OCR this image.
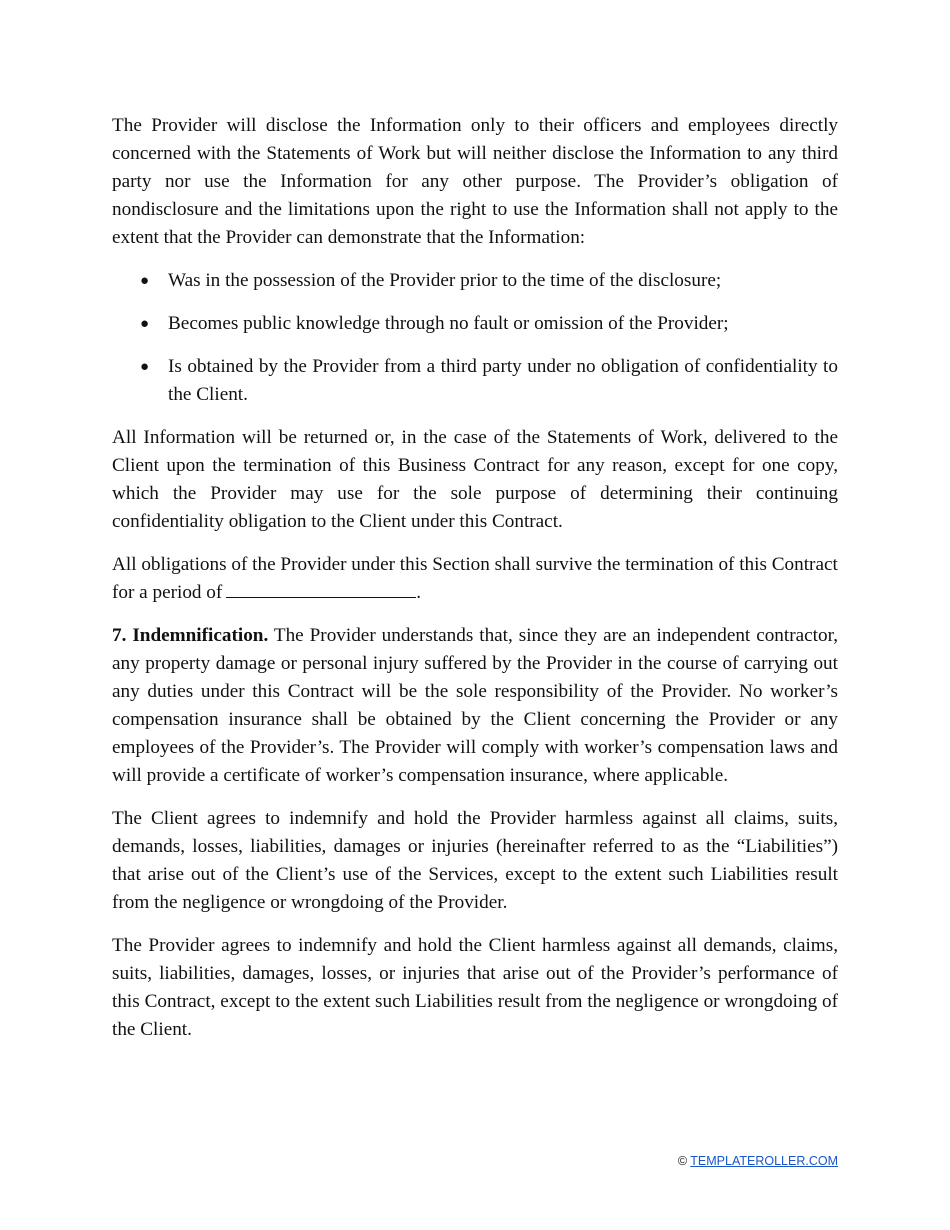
The Provider will disclose the Information only to their officers and employees directly concerned with the Statements of Work but will neither disclose the Information to any third party nor use the Information for any other purpose. The Provider’s obligation of nondisclosure and the limitations upon the right to use the Information shall not apply to the extent that the Provider can demonstrate that the Information:

● Was in the possession of the Provider prior to the time of the disclosure;
● Becomes public knowledge through no fault or omission of the Provider;
● Is obtained by the Provider from a third party under no obligation of confidentiality to the Client.

All Information will be returned or, in the case of the Statements of Work, delivered to the Client upon the termination of this Business Contract for any reason, except for one copy, which the Provider may use for the sole purpose of determining their continuing confidentiality obligation to the Client under this Contract.

All obligations of the Provider under this Section shall survive the termination of this Contract for a period of	.

7. Indemnification. The Provider understands that, since they are an independent contractor, any property damage or personal injury suffered by the Provider in the course of carrying out any duties under this Contract will be the sole responsibility of the Provider. No worker’s compensation insurance shall be obtained by the Client concerning the Provider or any employees of the Provider’s. The Provider will comply with worker’s compensation laws and will provide a certificate of worker’s compensation insurance, where applicable.

The Client agrees to indemnify and hold the Provider harmless against all claims, suits, demands, losses, liabilities, damages or injuries (hereinafter referred to as the “Liabilities”) that arise out of the Client’s use of the Services, except to the extent such Liabilities result from the negligence or wrongdoing of the Provider.

The Provider agrees to indemnify and hold the Client harmless against all demands, claims, suits, liabilities, damages, losses, or injuries that arise out of the Provider’s performance of this Contract, except to the extent such Liabilities result from the negligence or wrongdoing of the Client.

© TEMPLATEROLLER.COM
